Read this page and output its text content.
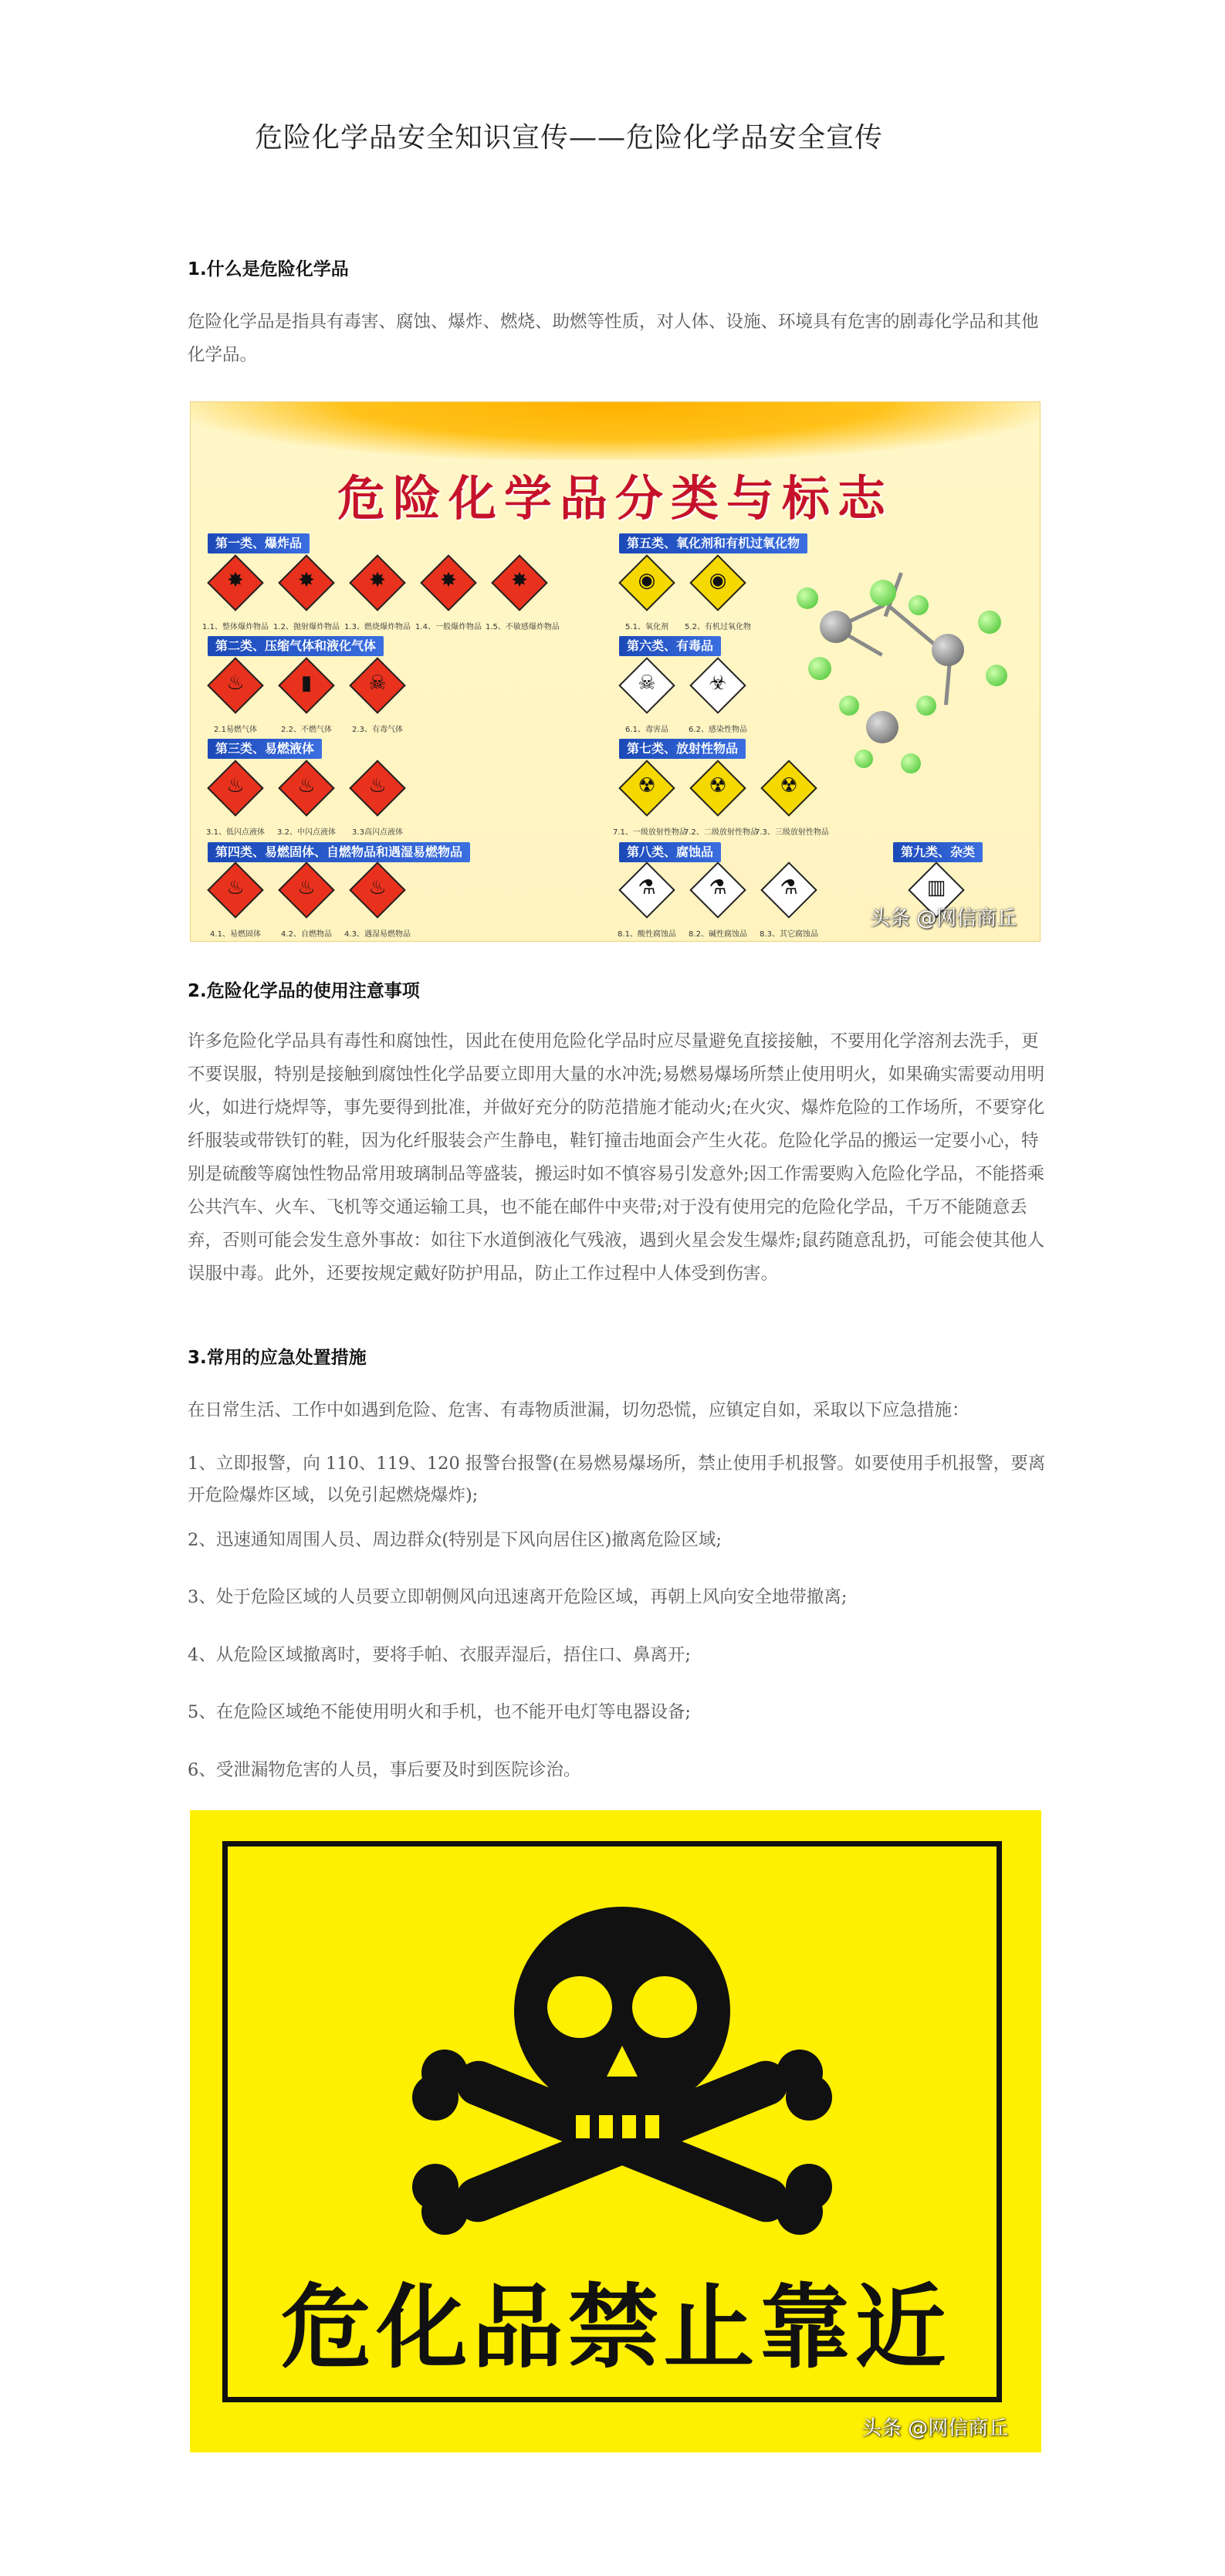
危险化学品安全知识宣传——危险化学品安全宣传
1.什么是危险化学品
危险化学品是指具有毒害、腐蚀、爆炸、燃烧、助燃等性质，对人体、设施、环境具有危害的剧毒化学品和其他化学品。
危险化学品分类与标志
第一类、爆炸品
✸
1.1、整体爆炸物品
✸
1.2、抛射爆炸物品
✸
1.3、燃烧爆炸物品
✸
1.4、一般爆炸物品
✸
1.5、不敏感爆炸物品
第二类、压缩气体和液化气体
♨
2.1易燃气体
▮
2.2、不燃气体
☠
2.3、有毒气体
第三类、易燃液体
♨
3.1、低闪点液体
♨
3.2、中闪点液体
♨
3.3高闪点液体
第四类、易燃固体、自燃物品和遇湿易燃物品
♨
4.1、易燃固体
♨
4.2、自燃物品
♨
4.3、遇湿易燃物品
第五类、氧化剂和有机过氧化物
◉
5.1、氧化剂
◉
5.2、有机过氧化物
第六类、有毒品
☠
6.1、毒害品
☣
6.2、感染性物品
第七类、放射性物品
☢
7.1、一级放射性物品
☢
7.2、二级放射性物品
☢
7.3、三级放射性物品
第八类、腐蚀品
⚗
8.1、酸性腐蚀品
⚗
8.2、碱性腐蚀品
⚗
8.3、其它腐蚀品
第九类、杂类
▥
头条 @网信商丘
2.危险化学品的使用注意事项
许多危险化学品具有毒性和腐蚀性，因此在使用危险化学品时应尽量避免直接接触，不要用化学溶剂去洗手，更不要误服，特别是接触到腐蚀性化学品要立即用大量的水冲洗;易燃易爆场所禁止使用明火，如果确实需要动用明火，如进行烧焊等，事先要得到批准，并做好充分的防范措施才能动火;在火灾、爆炸危险的工作场所，不要穿化纤服装或带铁钉的鞋，因为化纤服装会产生静电，鞋钉撞击地面会产生火花。危险化学品的搬运一定要小心，特别是硫酸等腐蚀性物品常用玻璃制品等盛装，搬运时如不慎容易引发意外;因工作需要购入危险化学品，不能搭乘公共汽车、火车、飞机等交通运输工具，也不能在邮件中夹带;对于没有使用完的危险化学品，千万不能随意丢弃，否则可能会发生意外事故：如往下水道倒液化气残液，遇到火星会发生爆炸;鼠药随意乱扔，可能会使其他人误服中毒。此外，还要按规定戴好防护用品，防止工作过程中人体受到伤害。
3.常用的应急处置措施
在日常生活、工作中如遇到危险、危害、有毒物质泄漏，切勿恐慌，应镇定自如，采取以下应急措施：
1、立即报警，向 110、119、120 报警台报警(在易燃易爆场所，禁止使用手机报警。如要使用手机报警，要离开危险爆炸区域，以免引起燃烧爆炸);
2、迅速通知周围人员、周边群众(特别是下风向居住区)撤离危险区域;
3、处于危险区域的人员要立即朝侧风向迅速离开危险区域，再朝上风向安全地带撤离;
4、从危险区域撤离时，要将手帕、衣服弄湿后，捂住口、鼻离开;
5、在危险区域绝不能使用明火和手机，也不能开电灯等电器设备;
6、受泄漏物危害的人员，事后要及时到医院诊治。
危化品禁止靠近
头条 @网信商丘
